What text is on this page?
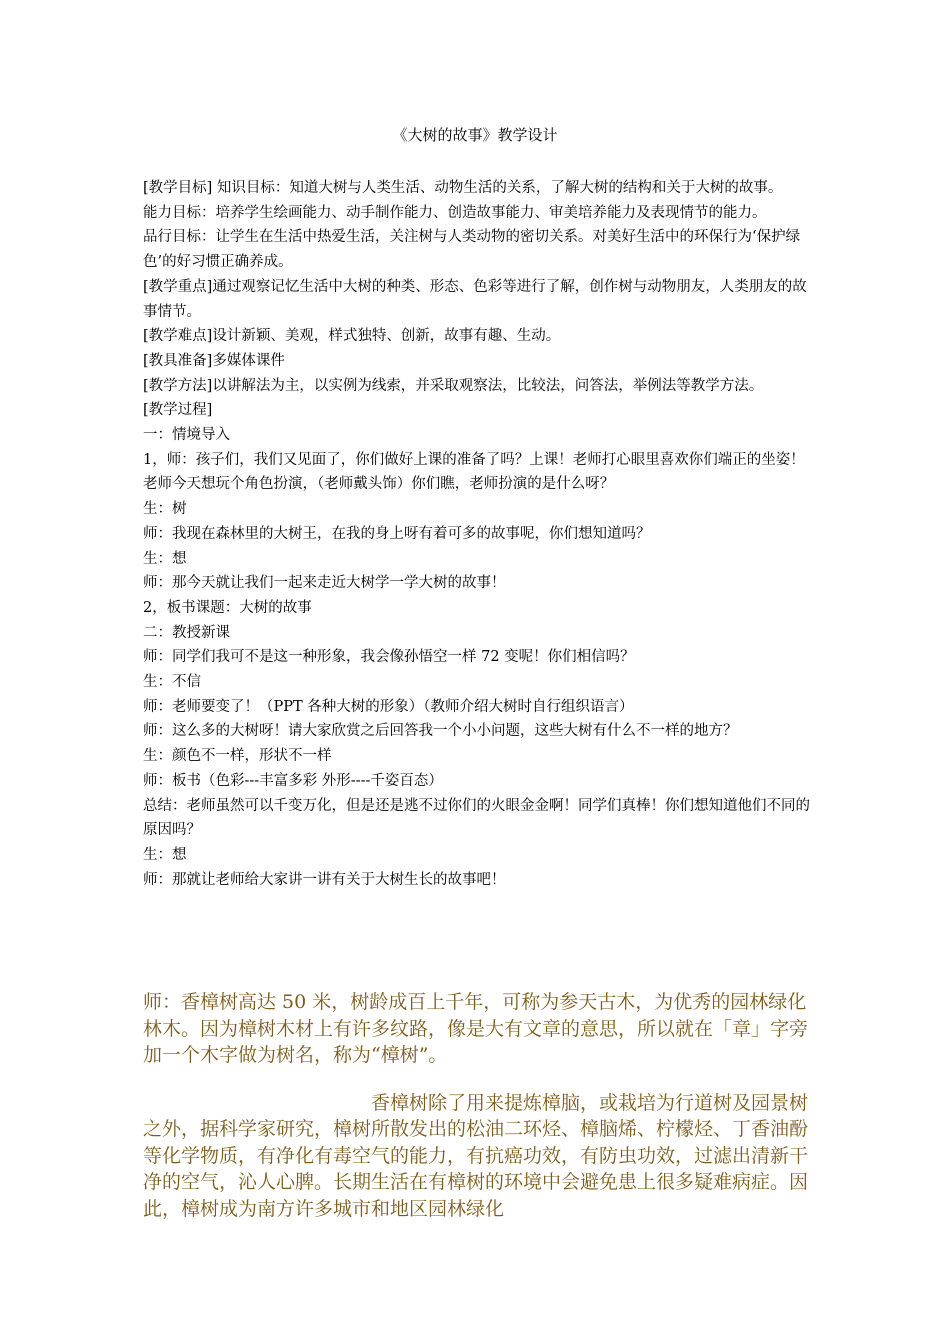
《大树的故事》教学设计

[教学目标] 知识目标：知道大树与人类生活、动物生活的关系，了解大树的结构和关于大树的故事。

能力目标：培养学生绘画能力、动手制作能力、创造故事能力、审美培养能力及表现情节的能力。

品行目标：让学生在生活中热爱生活，关注树与人类动物的密切关系。对美好生活中的环保行为‘保护绿色’的好习惯正确养成。

[教学重点]通过观察记忆生活中大树的种类、形态、色彩等进行了解，创作树与动物朋友，人类朋友的故事情节。

[教学难点]设计新颖、美观，样式独特、创新，故事有趣、生动。

[教具准备]多媒体课件

[教学方法]以讲解法为主，以实例为线索，并采取观察法，比较法，问答法，举例法等教学方法。

[教学过程]

一：情境导入

1，师：孩子们，我们又见面了，你们做好上课的准备了吗？上课！老师打心眼里喜欢你们端正的坐姿！老师今天想玩个角色扮演，（老师戴头饰）你们瞧，老师扮演的是什么呀？

生：树

师：我现在森林里的大树王，在我的身上呀有着可多的故事呢，你们想知道吗？

生：想

师：那今天就让我们一起来走近大树学一学大树的故事！

2，板书课题：大树的故事

二：教授新课

师：同学们我可不是这一种形象，我会像孙悟空一样 72 变呢！你们相信吗？

生：不信

师：老师要变了！（PPT 各种大树的形象）（教师介绍大树时自行组织语言）

师：这么多的大树呀！请大家欣赏之后回答我一个小小问题，这些大树有什么不一样的地方？

生：颜色不一样，形状不一样

师：板书（色彩---丰富多彩 外形----千姿百态）

总结：老师虽然可以千变万化，但是还是逃不过你们的火眼金金啊！同学们真棒！你们想知道他们不同的原因吗？

生：想

师：那就让老师给大家讲一讲有关于大树生长的故事吧！

师：香樟树高达 50 米，树龄成百上千年，可称为参天古木，为优秀的园林绿化林木。因为樟树木材上有许多纹路，像是大有文章的意思，所以就在「章」字旁加一个木字做为树名，称为“樟树”。

香樟树除了用来提炼樟脑，或栽培为行道树及园景树之外，据科学家研究，樟树所散发出的松油二环烃、樟脑烯、柠檬烃、丁香油酚等化学物质，有净化有毒空气的能力，有抗癌功效，有防虫功效，过滤出清新干净的空气，沁人心脾。长期生活在有樟树的环境中会避免患上很多疑难病症。因此，樟树成为南方许多城市和地区园林绿化
